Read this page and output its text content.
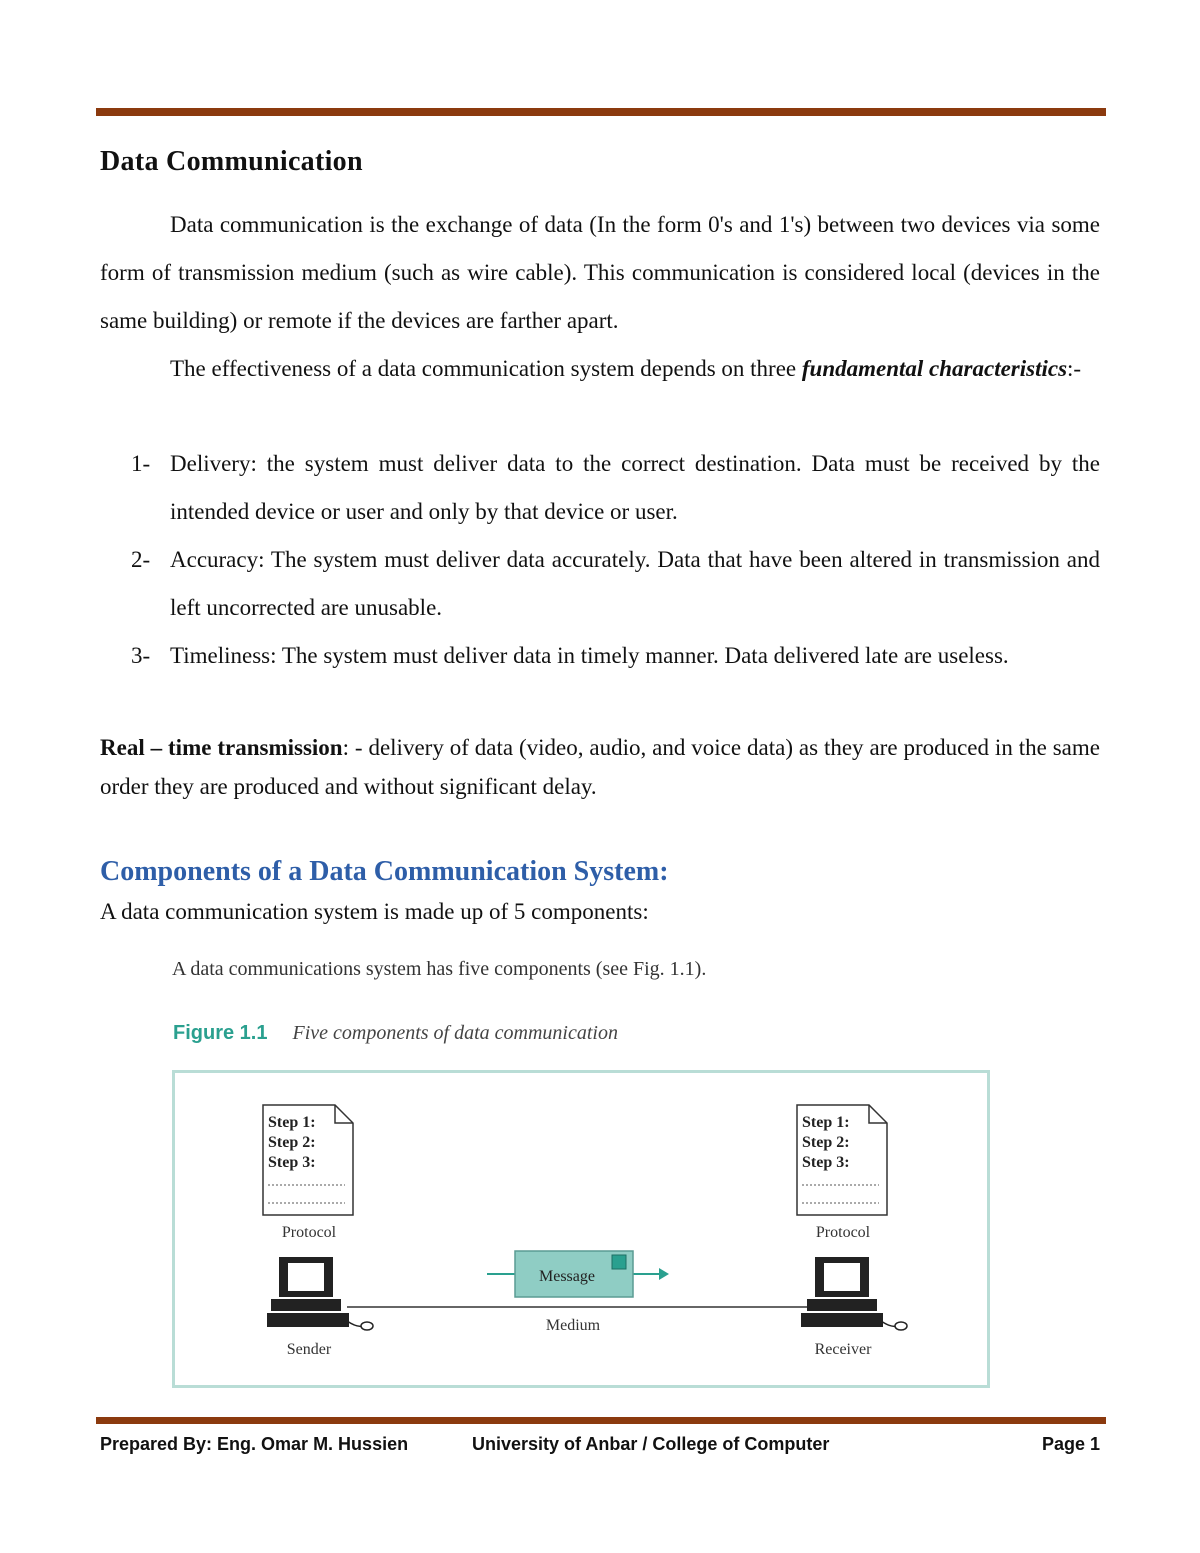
Data Communication

Data communication is the exchange of data (In the form 0's and 1's) between two devices via some form of transmission medium (such as wire cable). This communication is considered local (devices in the same building) or remote if the devices are farther apart.

The effectiveness of a data communication system depends on three fundamental characteristics:-

1- Delivery: the system must deliver data to the correct destination. Data must be received by the intended device or user and only by that device or user.
2- Accuracy: The system must deliver data accurately. Data that have been altered in transmission and left uncorrected are unusable.
3- Timeliness: The system must deliver data in timely manner. Data delivered late are useless.

Real – time transmission: - delivery of data (video, audio, and voice data) as they are produced in the same order they are produced and without significant delay.

Components of a Data Communication System:
A data communication system is made up of 5 components:
A data communications system has five components (see Fig. 1.1).
Figure 1.1 Five components of data communication
Step 1:
Step 2:
Step 3:
Protocol
Step 1:
Step 2:
Step 3:
Protocol
Message
Medium
Sender	Receiver
Prepared By: Eng. Omar M. Hussien	University of Anbar / College of Computer	Page 1
